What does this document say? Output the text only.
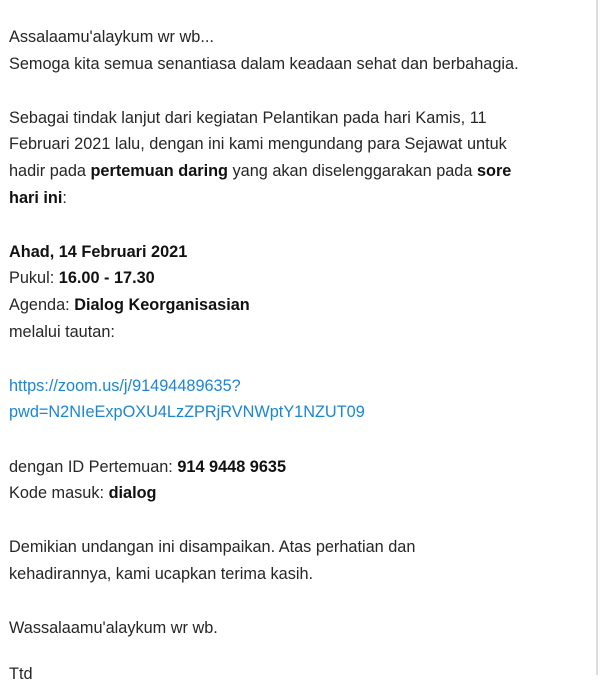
Assalaamu'alaykum wr wb...
Semoga kita semua senantiasa dalam keadaan sehat dan berbahagia.
Sebagai tindak lanjut dari kegiatan Pelantikan pada hari Kamis, 11
Februari 2021 lalu, dengan ini kami mengundang para Sejawat untuk
hadir pada pertemuan daring yang akan diselenggarakan pada sore
hari ini:
Ahad, 14 Februari 2021
Pukul: 16.00 - 17.30
Agenda: Dialog Keorganisasian
melalui tautan:
https://zoom.us/j/91494489635?
pwd=N2NIeExpOXU4LzZPRjRVNWptY1NZUT09
dengan ID Pertemuan: 914 9448 9635
Kode masuk: dialog
Demikian undangan ini disampaikan. Atas perhatian dan
kehadirannya, kami ucapkan terima kasih.
Wassalaamu'alaykum wr wb.
Ttd
